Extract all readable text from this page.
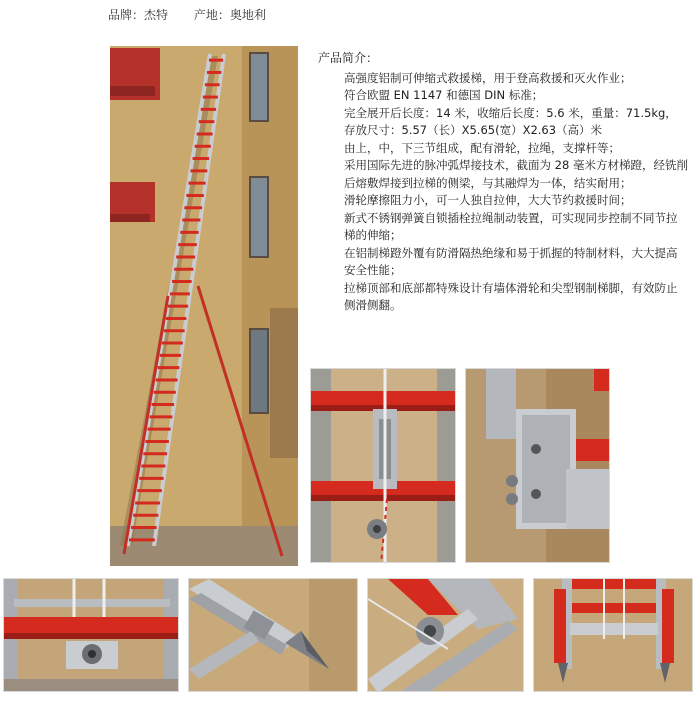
品牌：杰特 产地：奥地利
产品简介：

高强度铝制可伸缩式救援梯，用于登高救援和灭火作业；

符合欧盟 EN 1147 和德国 DIN 标准；

完全展开后长度：14 米，收缩后长度：5.6 米，重量：71.5kg，存放尺寸：5.57（长）X5.65(宽）X2.63（高）米

由上，中，下三节组成，配有滑轮，拉绳，支撑杆等；

采用国际先进的脉冲弧焊接技术，截面为 28 毫米方材梯蹬，经铣削后熔敷焊接到拉梯的侧梁，与其融焊为一体，结实耐用；

滑轮摩擦阻力小，可一人独自拉伸，大大节约救援时间；

新式不锈钢弹簧自锁插栓拉绳制动装置，可实现同步控制不同节拉梯的伸缩；

在铝制梯蹬外覆有防滑隔热绝缘和易于抓握的特制材料，大大提高安全性能；

拉梯顶部和底部都特殊设计有墙体滑轮和尖型钢制梯脚，有效防止侧滑侧翻。
